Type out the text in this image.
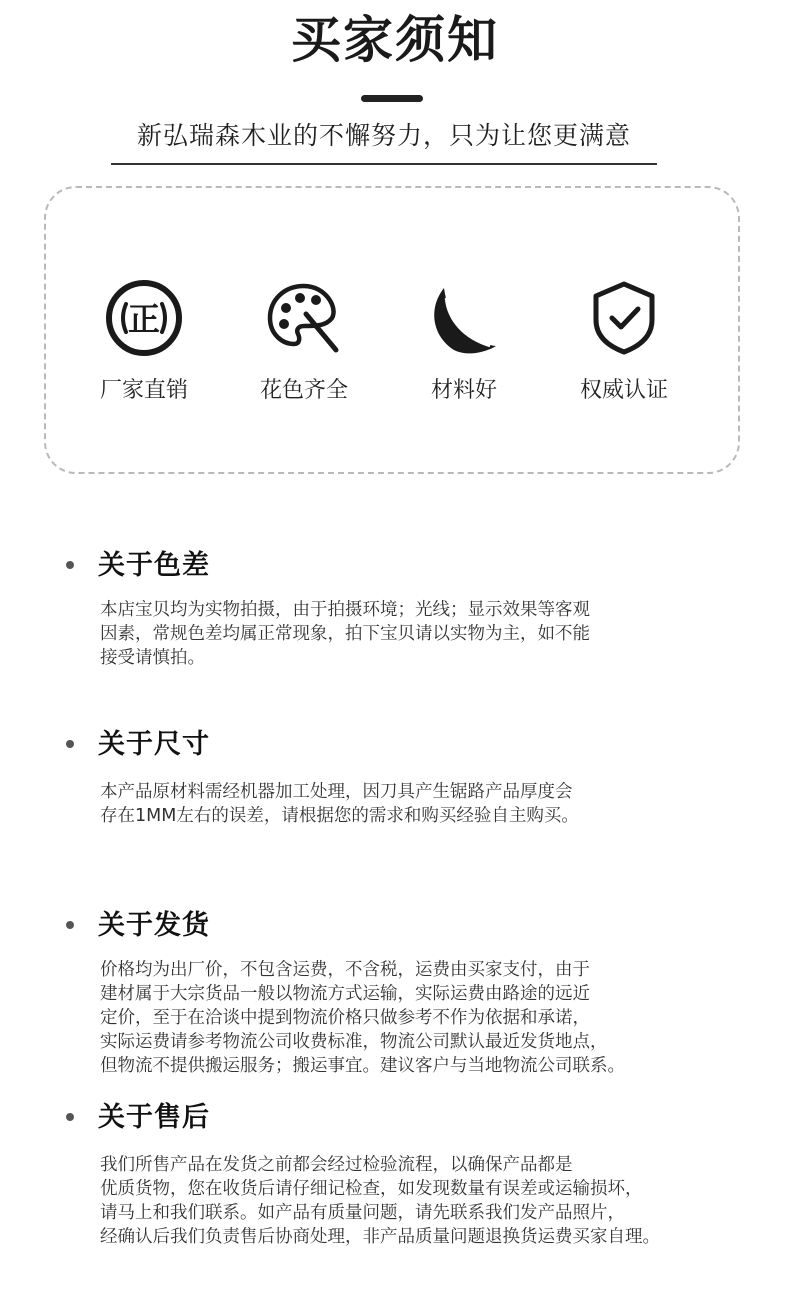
买家须知
新弘瑞森木业的不懈努力，只为让您更满意
正
厂家直销	花色齐全	材料好	权威认证
关于色差
本店宝贝均为实物拍摄，由于拍摄环境；光线；显示效果等客观
因素，常规色差均属正常现象，拍下宝贝请以实物为主，如不能
接受请慎拍。
关于尺寸
本产品原材料需经机器加工处理，因刀具产生锯路产品厚度会
存在1MM左右的误差，请根据您的需求和购买经验自主购买。
关于发货
价格均为出厂价，不包含运费，不含税，运费由买家支付，由于
建材属于大宗货品一般以物流方式运输，实际运费由路途的远近
定价，至于在洽谈中提到物流价格只做参考不作为依据和承诺，
实际运费请参考物流公司收费标准，物流公司默认最近发货地点，
但物流不提供搬运服务；搬运事宜。建议客户与当地物流公司联系。
关于售后
我们所售产品在发货之前都会经过检验流程，以确保产品都是
优质货物，您在收货后请仔细记检查，如发现数量有误差或运输损坏，
请马上和我们联系。如产品有质量问题，请先联系我们发产品照片，
经确认后我们负责售后协商处理，非产品质量问题退换货运费买家自理。
